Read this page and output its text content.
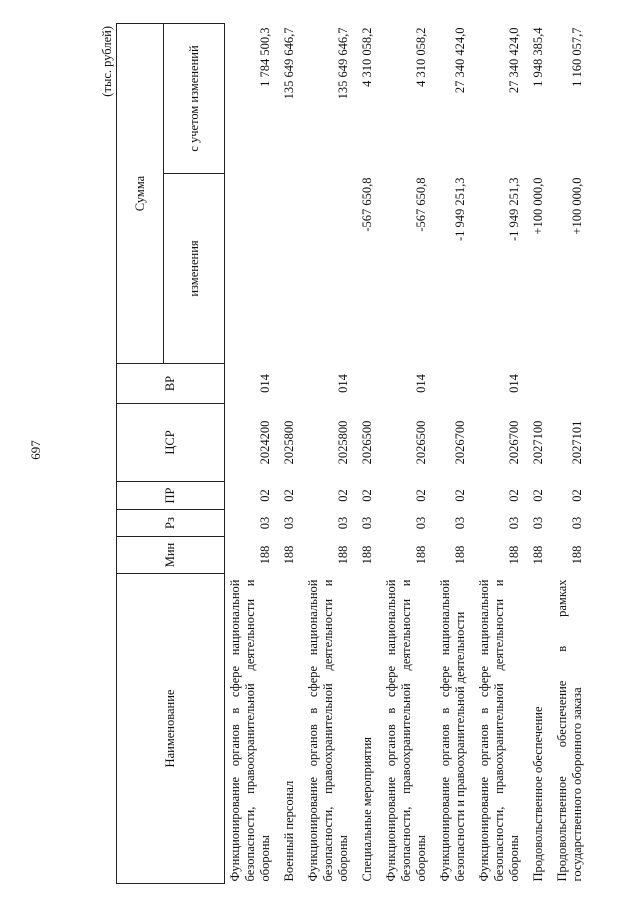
697
(тыс. рублей)
Наименование	Мин	Рз	ПР	ЦСР	ВР	Сумма	
						изменения	с учетом изменений
Функционирование органов в сфере национальной безопасности, правоохранительной деятельности и обороны	188	03	02	2024200	014		1 784 500,3
Военный персонал	188	03	02	2025800			135 649 646,7
Функционирование органов в сфере национальной безопасности, правоохранительной деятельности и обороны	188	03	02	2025800	014		135 649 646,7
Специальные мероприятия	188	03	02	2026500		-567 650,8	4 310 058,2
Функционирование органов в сфере национальной безопасности, правоохранительной деятельности и обороны	188	03	02	2026500	014	-567 650,8	4 310 058,2
Функционирование органов в сфере национальной безопасности и правоохранительной деятельности	188	03	02	2026700		-1 949 251,3	27 340 424,0
Функционирование органов в сфере национальной безопасности, правоохранительной деятельности и обороны	188	03	02	2026700	014	-1 949 251,3	27 340 424,0
Продовольственное обеспечение	188	03	02	2027100		+100 000,0	1 948 385,4
Продовольственное обеспечение в рамках государственного оборонного заказа	188	03	02	2027101		+100 000,0	1 160 057,7
